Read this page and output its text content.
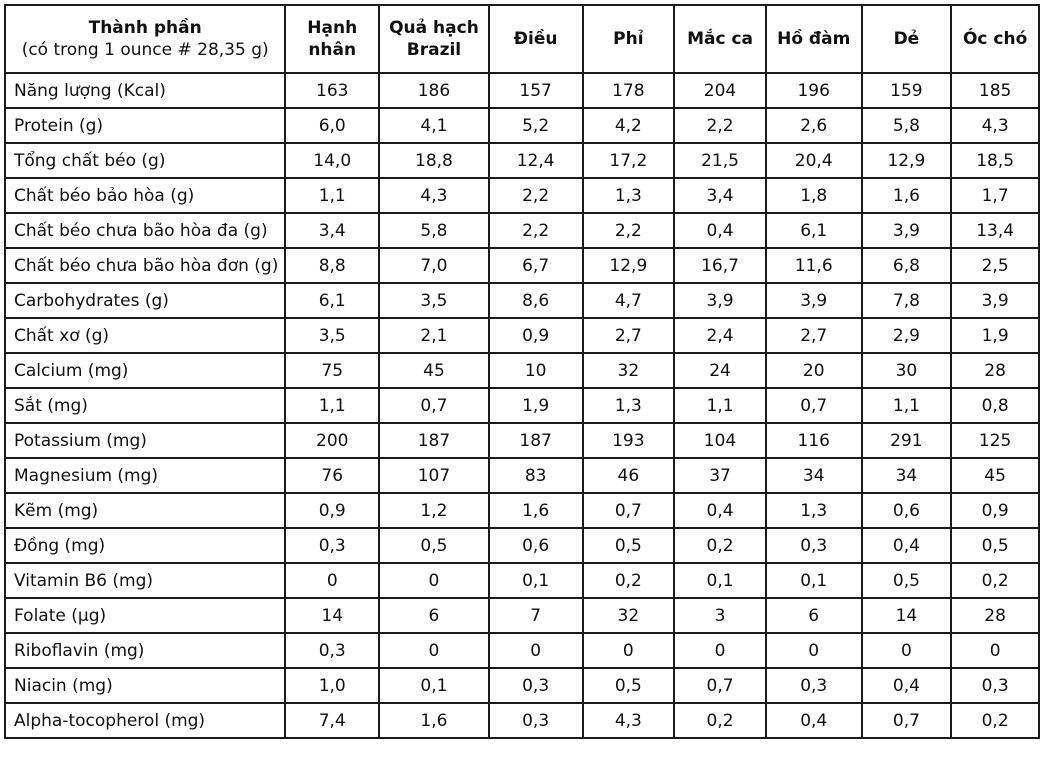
Thành phần
(có trong 1 ounce # 28,35 g)	Hạnh nhân	Quả hạch Brazil	Điều	Phỉ	Mắc ca	Hồ đàm	Dẻ	Óc chó
Năng lượng (Kcal)	163	186	157	178	204	196	159	185
Protein (g)	6,0	4,1	5,2	4,2	2,2	2,6	5,8	4,3
Tổng chất béo (g)	14,0	18,8	12,4	17,2	21,5	20,4	12,9	18,5
Chất béo bảo hòa (g)	1,1	4,3	2,2	1,3	3,4	1,8	1,6	1,7
Chất béo chưa bão hòa đa (g)	3,4	5,8	2,2	2,2	0,4	6,1	3,9	13,4
Chất béo chưa bão hòa đơn (g)	8,8	7,0	6,7	12,9	16,7	11,6	6,8	2,5
Carbohydrates (g)	6,1	3,5	8,6	4,7	3,9	3,9	7,8	3,9
Chất xơ (g)	3,5	2,1	0,9	2,7	2,4	2,7	2,9	1,9
Calcium (mg)	75	45	10	32	24	20	30	28
Sắt (mg)	1,1	0,7	1,9	1,3	1,1	0,7	1,1	0,8
Potassium (mg)	200	187	187	193	104	116	291	125
Magnesium (mg)	76	107	83	46	37	34	34	45
Kẽm (mg)	0,9	1,2	1,6	0,7	0,4	1,3	0,6	0,9
Đồng (mg)	0,3	0,5	0,6	0,5	0,2	0,3	0,4	0,5
Vitamin B6 (mg)	0	0	0,1	0,2	0,1	0,1	0,5	0,2
Folate (µg)	14	6	7	32	3	6	14	28
Riboflavin (mg)	0,3	0	0	0	0	0	0	0
Niacin (mg)	1,0	0,1	0,3	0,5	0,7	0,3	0,4	0,3
Alpha-tocopherol (mg)	7,4	1,6	0,3	4,3	0,2	0,4	0,7	0,2
